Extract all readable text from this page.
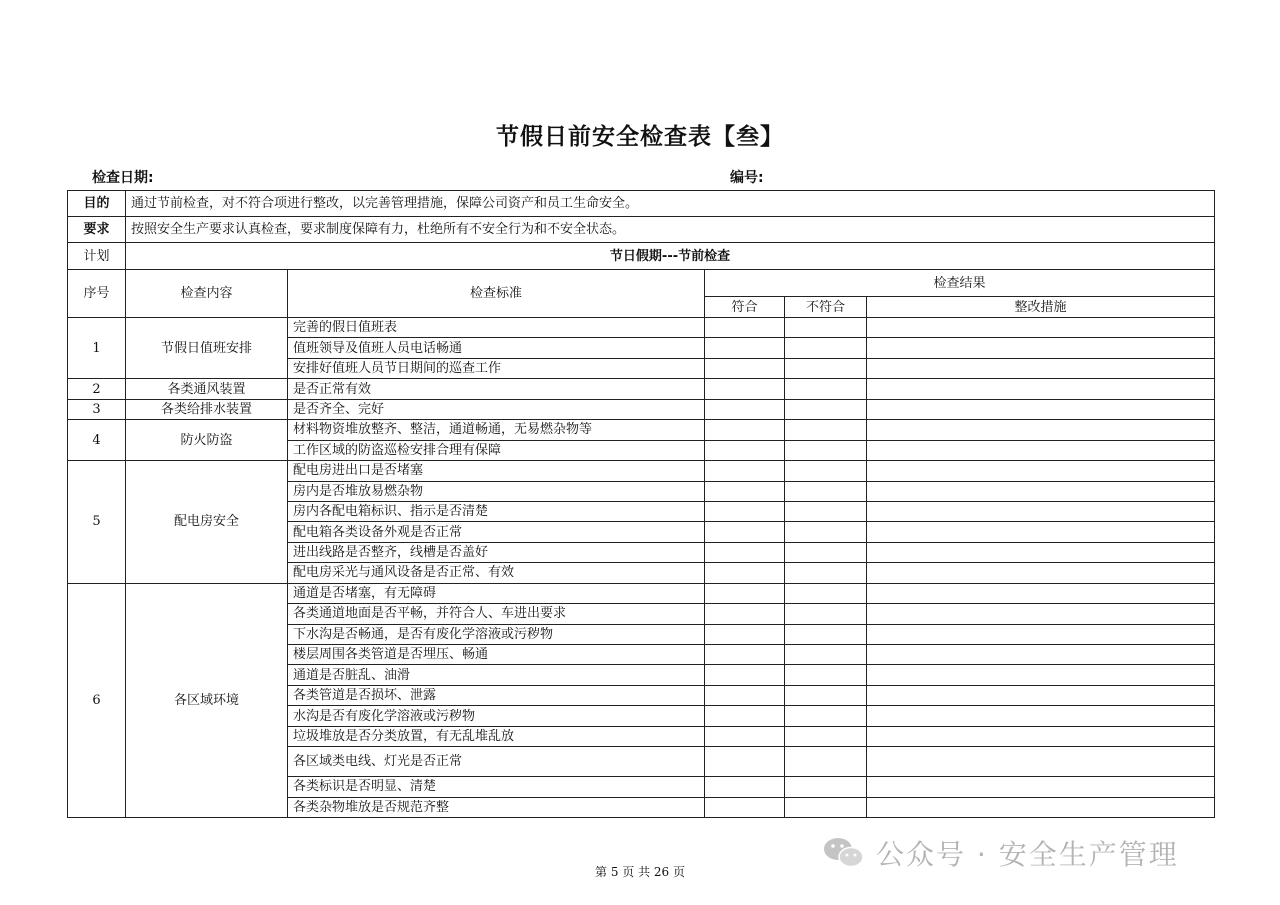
节假日前安全检查表【叁】
检查日期:	编号:
目的	通过节前检查，对不符合项进行整改，以完善管理措施，保障公司资产和员工生命安全。				
要求	按照安全生产要求认真检查，要求制度保障有力，杜绝所有不安全行为和不安全状态。				
计划	节日假期---节前检查				
序号	检查内容	检查标准	检查结果		
			符合	不符合	整改措施
1	节假日值班安排	完善的假日值班表			
		值班领导及值班人员电话畅通			
		安排好值班人员节日期间的巡查工作			
2	各类通风装置	是否正常有效			
3	各类给排水装置	是否齐全、完好			
4	防火防盗	材料物资堆放整齐、整洁，通道畅通，无易燃杂物等			
		工作区域的防盗巡检安排合理有保障			
5	配电房安全	配电房进出口是否堵塞			
		房内是否堆放易燃杂物			
		房内各配电箱标识、指示是否清楚			
		配电箱各类设备外观是否正常			
		进出线路是否整齐，线槽是否盖好			
		配电房采光与通风设备是否正常、有效			
6	各区域环境	通道是否堵塞，有无障碍			
		各类通道地面是否平畅，并符合人、车进出要求			
		下水沟是否畅通，是否有废化学溶液或污秽物			
		楼层周围各类管道是否埋压、畅通			
		通道是否脏乱、油滑			
		各类管道是否损坏、泄露			
		水沟是否有废化学溶液或污秽物			
		垃圾堆放是否分类放置，有无乱堆乱放			
		各区域类电线、灯光是否正常			
		各类标识是否明显、清楚			
		各类杂物堆放是否规范齐整			
第 5 页 共 26 页
公众号 · 安全生产管理
